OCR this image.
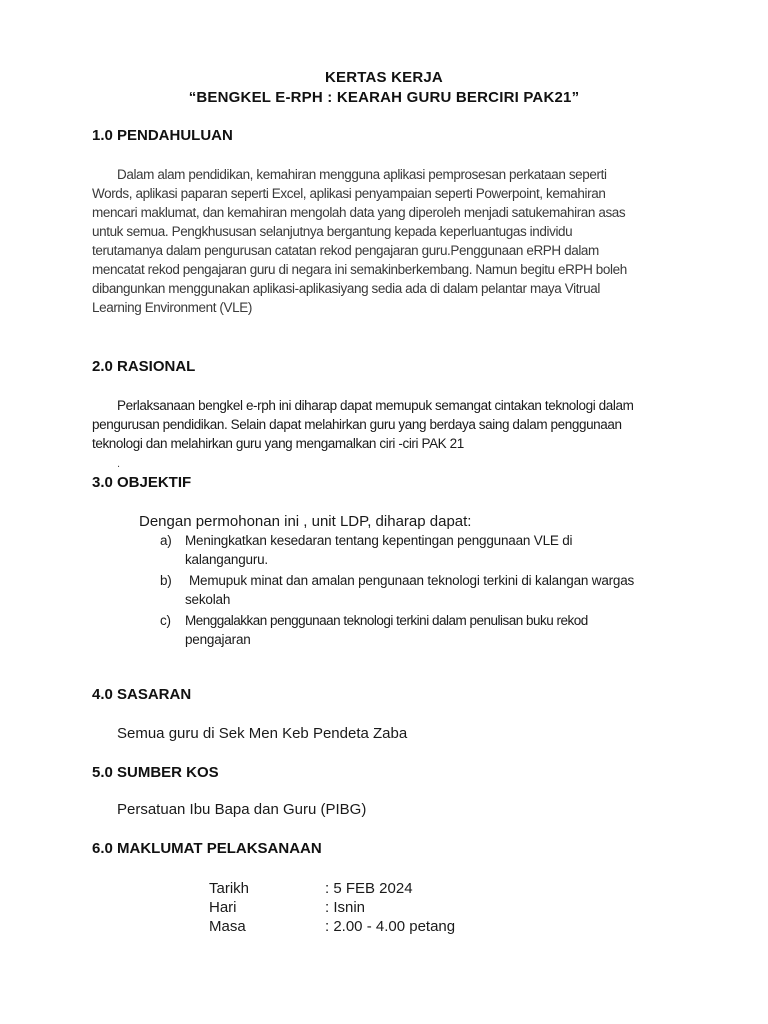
KERTAS KERJA
“BENGKEL E-RPH : KEARAH GURU BERCIRI PAK21”
1.0 PENDAHULUAN
Dalam alam pendidikan, kemahiran mengguna aplikasi pemprosesan perkataan seperti
Words, aplikasi paparan seperti Excel, aplikasi penyampaian seperti Powerpoint, kemahiran
mencari maklumat, dan kemahiran mengolah data yang diperoleh menjadi satukemahiran asas
untuk semua. Pengkhususan selanjutnya bergantung kepada keperluantugas individu
terutamanya dalam pengurusan catatan rekod pengajaran guru.Penggunaan eRPH dalam
mencatat rekod pengajaran guru di negara ini semakinberkembang. Namun begitu eRPH boleh
dibangunkan menggunakan aplikasi-aplikasiyang sedia ada di dalam pelantar maya Vitrual
Learning Environment (VLE)
2.0 RASIONAL
Perlaksanaan bengkel e-rph ini diharap dapat memupuk semangat cintakan teknologi dalam
pengurusan pendidikan. Selain dapat melahirkan guru yang berdaya saing dalam penggunaan
teknologi dan melahirkan guru yang mengamalkan ciri -ciri PAK 21
.
3.0 OBJEKTIF
Dengan permohonan ini , unit LDP, diharap dapat:
a) Meningkatkan kesedaran tentang kepentingan penggunaan VLE di
kalanganguru.
b) Memupuk minat dan amalan pengunaan teknologi terkini di kalangan wargas
sekolah
c) Menggalakkan penggunaan teknologi terkini dalam penulisan buku rekod
pengajaran
4.0 SASARAN
Semua guru di Sek Men Keb Pendeta Zaba
5.0 SUMBER KOS
Persatuan Ibu Bapa dan Guru (PIBG)
6.0 MAKLUMAT PELAKSANAAN
Tarikh	: 5 FEB 2024
Hari	: Isnin
Masa	: 2.00 - 4.00 petang
